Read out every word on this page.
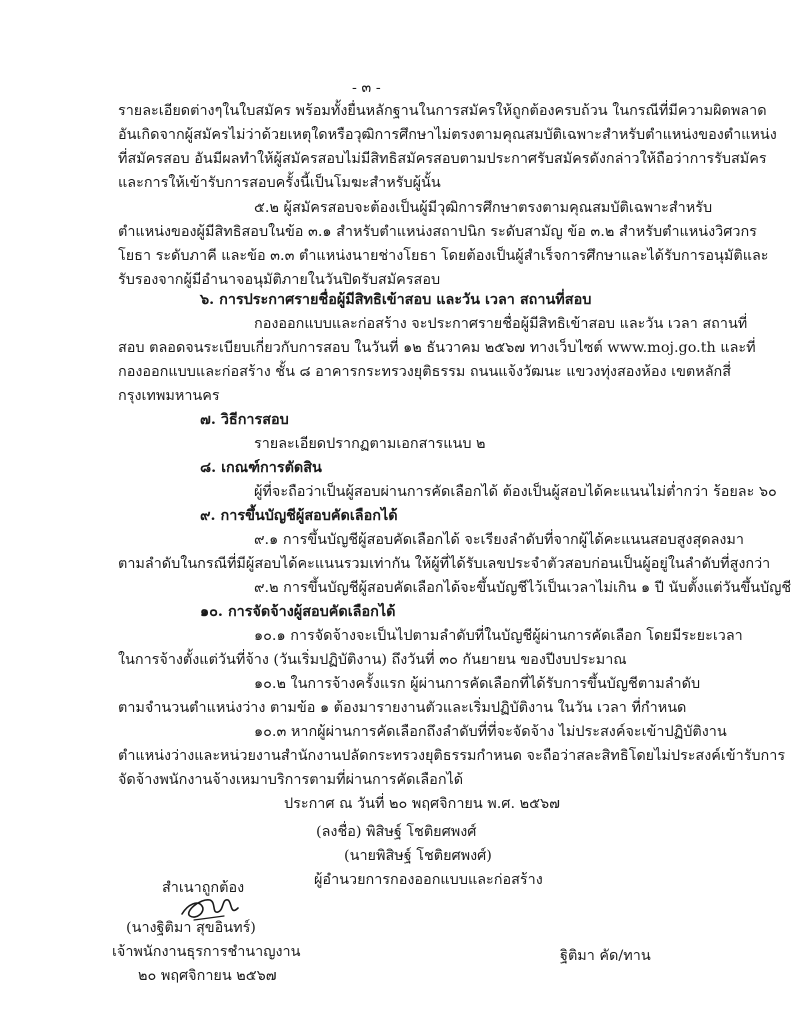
- ๓ -
รายละเอียดต่างๆในใบสมัคร พร้อมทั้งยื่นหลักฐานในการสมัครให้ถูกต้องครบถ้วน ในกรณีที่มีความผิดพลาด
อันเกิดจากผู้สมัครไม่ว่าด้วยเหตุใดหรือวุฒิการศึกษาไม่ตรงตามคุณสมบัติเฉพาะสำหรับตำแหน่งของตำแหน่ง
ที่สมัครสอบ อันมีผลทำให้ผู้สมัครสอบไม่มีสิทธิสมัครสอบตามประกาศรับสมัครดังกล่าวให้ถือว่าการรับสมัคร
และการให้เข้ารับการสอบครั้งนี้เป็นโมฆะสำหรับผู้นั้น
๕.๒ ผู้สมัครสอบจะต้องเป็นผู้มีวุฒิการศึกษาตรงตามคุณสมบัติเฉพาะสำหรับ
ตำแหน่งของผู้มีสิทธิสอบในข้อ ๓.๑ สำหรับตำแหน่งสถาปนิก ระดับสามัญ ข้อ ๓.๒ สำหรับตำแหน่งวิศวกร
โยธา ระดับภาคี และข้อ ๓.๓ ตำแหน่งนายช่างโยธา โดยต้องเป็นผู้สำเร็จการศึกษาและได้รับการอนุมัติและ
รับรองจากผู้มีอำนาจอนุมัติภายในวันปิดรับสมัครสอบ
๖. การประกาศรายชื่อผู้มีสิทธิเข้าสอบ และวัน เวลา สถานที่สอบ
กองออกแบบและก่อสร้าง จะประกาศรายชื่อผู้มีสิทธิเข้าสอบ และวัน เวลา สถานที่
สอบ ตลอดจนระเบียบเกี่ยวกับการสอบ ในวันที่ ๑๒ ธันวาคม ๒๕๖๗ ทางเว็บไซต์ www.moj.go.th และที่
กองออกแบบและก่อสร้าง ชั้น ๘ อาคารกระทรวงยุติธรรม ถนนแจ้งวัฒนะ แขวงทุ่งสองห้อง เขตหลักสี่
กรุงเทพมหานคร
๗. วิธีการสอบ
รายละเอียดปรากฏตามเอกสารแนบ ๒
๘. เกณฑ์การตัดสิน
ผู้ที่จะถือว่าเป็นผู้สอบผ่านการคัดเลือกได้ ต้องเป็นผู้สอบได้คะแนนไม่ต่ำกว่า ร้อยละ ๖๐
๙. การขึ้นบัญชีผู้สอบคัดเลือกได้
๙.๑ การขึ้นบัญชีผู้สอบคัดเลือกได้ จะเรียงลำดับที่จากผู้ได้คะแนนสอบสูงสุดลงมา
ตามลำดับในกรณีที่มีผู้สอบได้คะแนนรวมเท่ากัน ให้ผู้ที่ได้รับเลขประจำตัวสอบก่อนเป็นผู้อยู่ในลำดับที่สูงกว่า
๙.๒ การขึ้นบัญชีผู้สอบคัดเลือกได้จะขึ้นบัญชีไว้เป็นเวลาไม่เกิน ๑ ปี นับตั้งแต่วันขึ้นบัญชี
๑๐. การจัดจ้างผู้สอบคัดเลือกได้
๑๐.๑ การจัดจ้างจะเป็นไปตามลำดับที่ในบัญชีผู้ผ่านการคัดเลือก โดยมีระยะเวลา
ในการจ้างตั้งแต่วันที่จ้าง (วันเริ่มปฏิบัติงาน) ถึงวันที่ ๓๐ กันยายน ของปีงบประมาณ
๑๐.๒ ในการจ้างครั้งแรก ผู้ผ่านการคัดเลือกที่ได้รับการขึ้นบัญชีตามลำดับ
ตามจำนวนตำแหน่งว่าง ตามข้อ ๑ ต้องมารายงานตัวและเริ่มปฏิบัติงาน ในวัน เวลา ที่กำหนด
๑๐.๓ หากผู้ผ่านการคัดเลือกถึงลำดับที่ที่จะจัดจ้าง ไม่ประสงค์จะเข้าปฏิบัติงาน
ตำแหน่งว่างและหน่วยงานสำนักงานปลัดกระทรวงยุติธรรมกำหนด จะถือว่าสละสิทธิโดยไม่ประสงค์เข้ารับการ
จัดจ้างพนักงานจ้างเหมาบริการตามที่ผ่านการคัดเลือกได้
ประกาศ ณ วันที่ ๒๐ พฤศจิกายน พ.ศ. ๒๕๖๗
(ลงชื่อ) พิสิษฐ์ โชติยศพงศ์
(นายพิสิษฐ์ โชติยศพงศ์)
ผู้อำนวยการกองออกแบบและก่อสร้าง
สำเนาถูกต้อง
(นางฐิติมา สุขอินทร์)
เจ้าพนักงานธุรการชำนาญงาน
๒๐ พฤศจิกายน ๒๕๖๗
ฐิติมา คัด/ทาน
